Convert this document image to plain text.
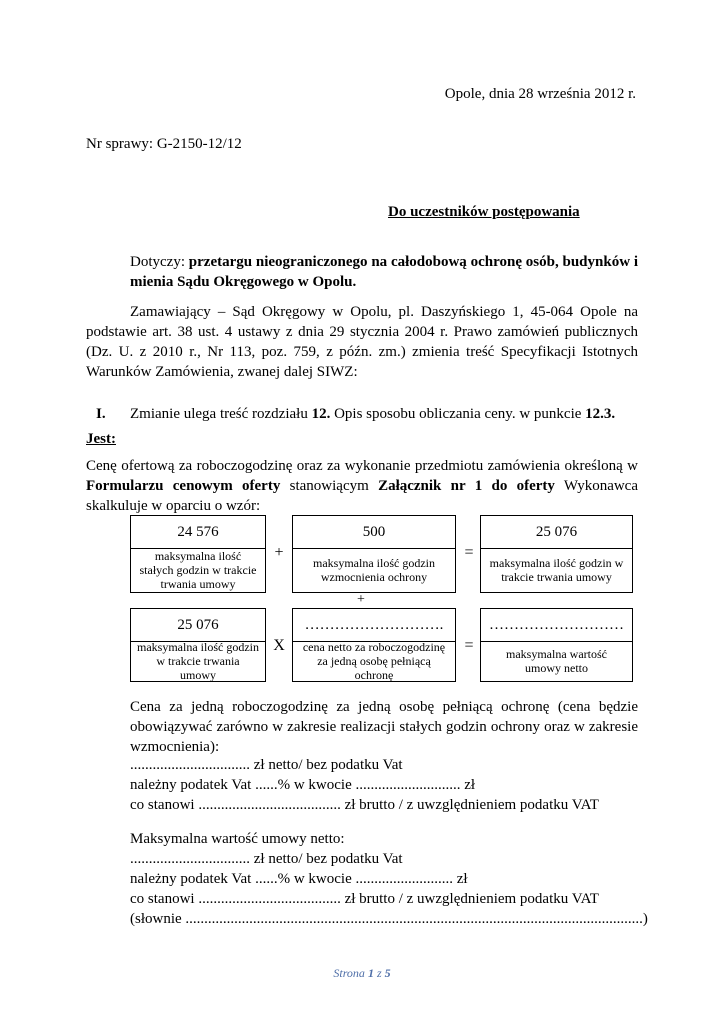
Opole, dnia 28 września 2012 r.
Nr sprawy: G-2150-12/12
Do uczestników postępowania
Dotyczy: przetargu nieograniczonego na całodobową ochronę osób, budynków i mienia Sądu Okręgowego w Opolu.
Zamawiający – Sąd Okręgowy w Opolu, pl. Daszyńskiego 1, 45-064 Opole na podstawie art. 38 ust. 4 ustawy z dnia 29 stycznia 2004 r. Prawo zamówień publicznych (Dz. U. z 2010 r., Nr 113, poz. 759, z późn. zm.) zmienia treść Specyfikacji Istotnych Warunków Zamówienia, zwanej dalej SIWZ:
I. Zmianie ulega treść rozdziału 12. Opis sposobu obliczania ceny. w punkcie 12.3.
Jest:
Cenę ofertową za roboczogodzinę oraz za wykonanie przedmiotu zamówienia określoną w Formularzu cenowym oferty stanowiącym Załącznik nr 1 do oferty Wykonawca skalkuluje w oparciu o wzór:
24 576
maksymalna ilość stałych godzin w trakcie trwania umowy
+
500
maksymalna ilość godzin wzmocnienia ochrony
=
25 076
maksymalna ilość godzin w trakcie trwania umowy
+
25 076
maksymalna ilość godzin w trakcie trwania umowy
X
……………………….
cena netto za roboczogodzinę za jedną osobę pełniącą ochronę
=
………………………
maksymalna wartość umowy netto
Cena za jedną roboczogodzinę za jedną osobę pełniącą ochronę (cena będzie obowiązywać zarówno w zakresie realizacji stałych godzin ochrony oraz w zakresie wzmocnienia):
................................ zł netto/ bez podatku Vat
należny podatek Vat ......% w kwocie ............................ zł
co stanowi ...................................... zł brutto / z uwzględnieniem podatku VAT
Maksymalna wartość umowy netto:
................................ zł netto/ bez podatku Vat
należny podatek Vat ......% w kwocie .......................... zł
co stanowi ...................................... zł brutto / z uwzględnieniem podatku VAT
(słownie ..........................................................................................................................)
Strona 1 z 5
